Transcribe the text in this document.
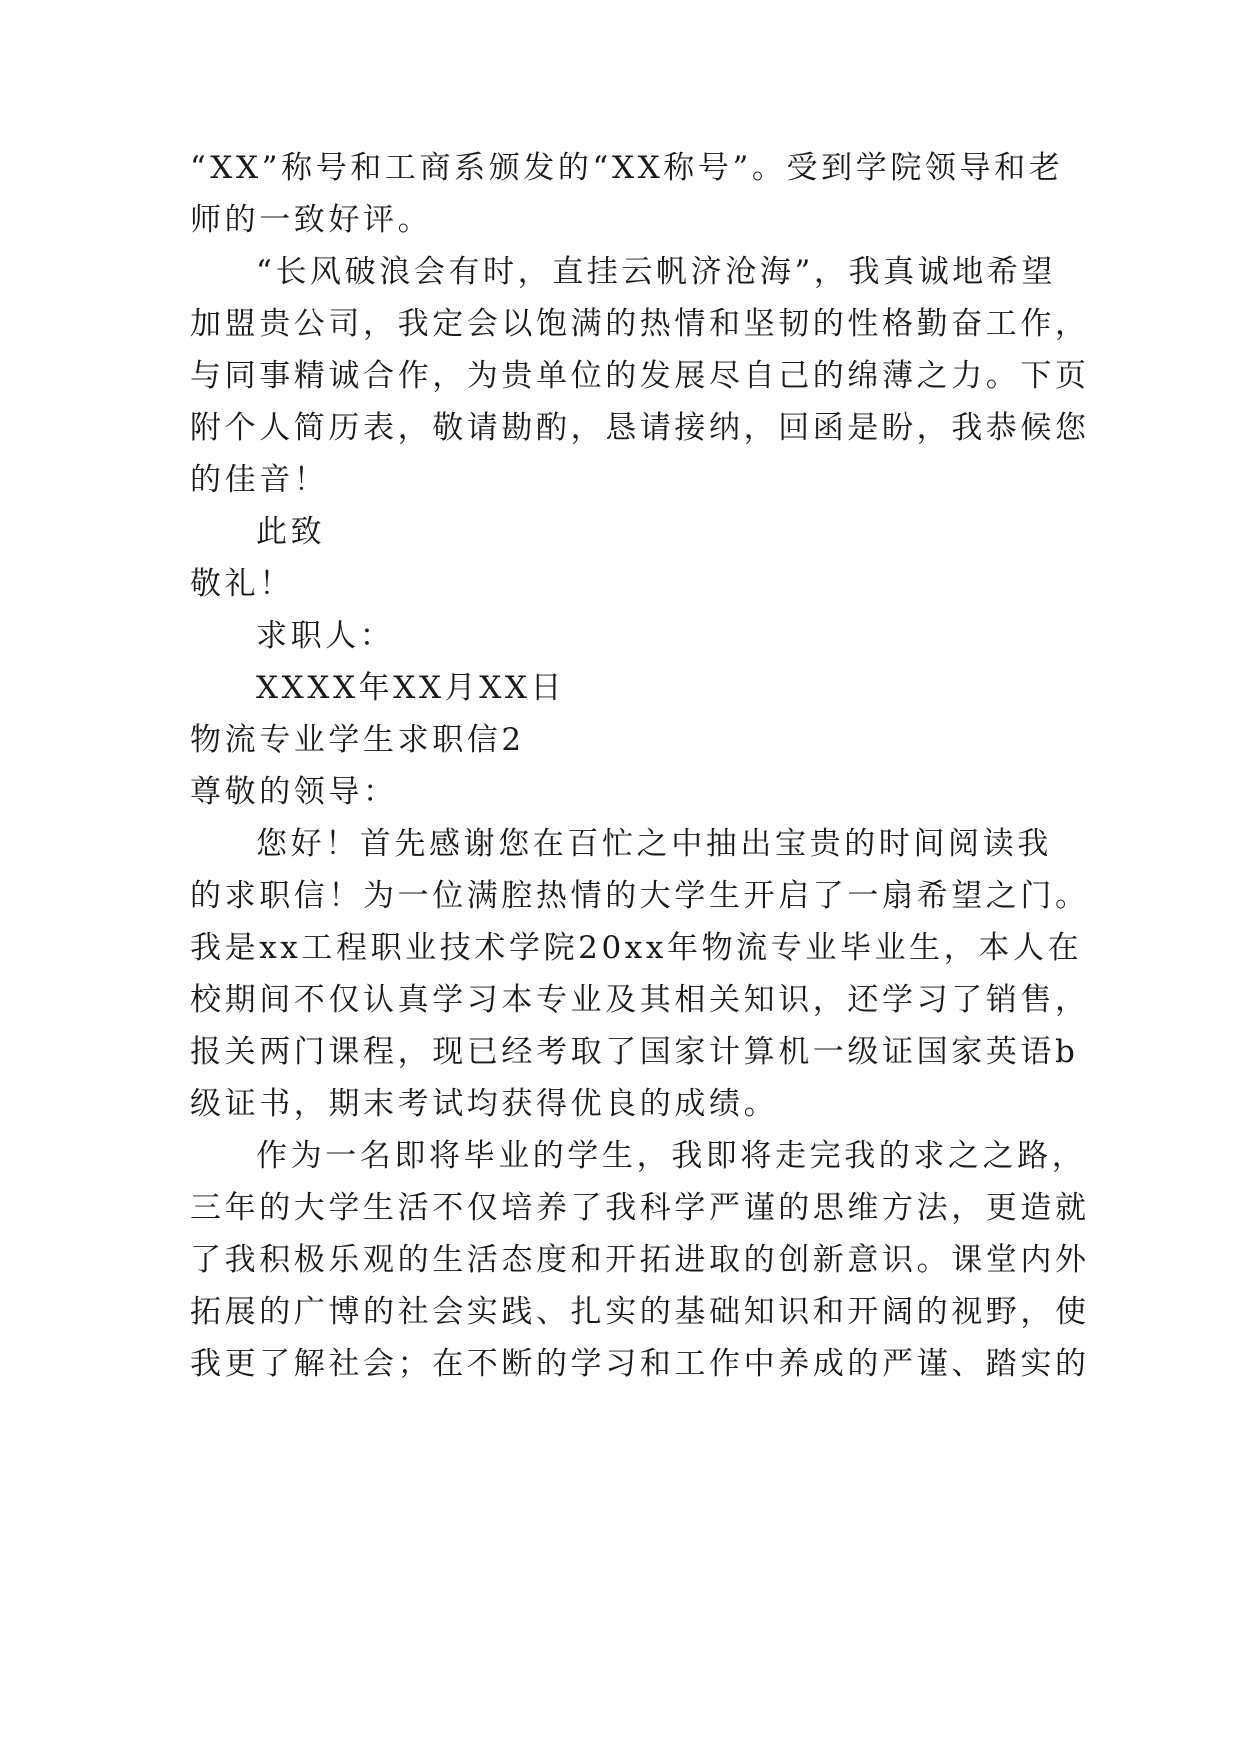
“XX”称号和工商系颁发的“XX称号”。受到学院领导和老
师的一致好评。
“长风破浪会有时，直挂云帆济沧海”，我真诚地希望
加盟贵公司，我定会以饱满的热情和坚韧的性格勤奋工作，
与同事精诚合作，为贵单位的发展尽自己的绵薄之力。下页
附个人简历表，敬请勘酌，恳请接纳，回函是盼，我恭候您
的佳音！
此致
敬礼！
求职人：
XXXX年XX月XX日
物流专业学生求职信2
尊敬的领导：
您好！首先感谢您在百忙之中抽出宝贵的时间阅读我
的求职信！为一位满腔热情的大学生开启了一扇希望之门。
我是xx工程职业技术学院20xx年物流专业毕业生，本人在
校期间不仅认真学习本专业及其相关知识，还学习了销售，
报关两门课程，现已经考取了国家计算机一级证国家英语b
级证书，期末考试均获得优良的成绩。
作为一名即将毕业的学生，我即将走完我的求之之路，
三年的大学生活不仅培养了我科学严谨的思维方法，更造就
了我积极乐观的生活态度和开拓进取的创新意识。课堂内外
拓展的广博的社会实践、扎实的基础知识和开阔的视野，使
我更了解社会；在不断的学习和工作中养成的严谨、踏实的
